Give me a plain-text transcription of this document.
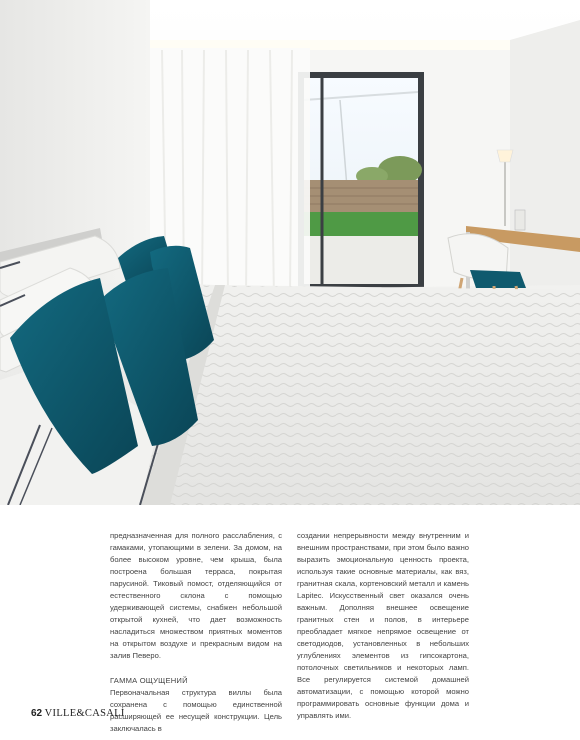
предназначенная для полного расслабления, с гамаками, утопающими в зелени. За домом, на более высоком уровне, чем крыша, была построена большая терраса, покрытая парусиной. Тиковый помост, отделяющийся от естественного склона с помощью удерживающей системы, снабжен небольшой открытой кухней, что дает возможность насладиться множеством приятных моментов на открытом воздухе и прекрасным видом на залив Певеро.

ГАММА ОЩУЩЕНИЙ

Первоначальная структура виллы была сохранена с помощью единственной расширяющей ее несущей конструкции. Цель заключалась в

создании непрерывности между внутренним и внешним пространствами, при этом было важно выразить эмоциональную ценность проекта, используя такие основные материалы, как вяз, гранитная скала, кортеновский металл и камень Lapitec. Искусственный свет оказался очень важным. Дополняя внешнее освещение гранитных стен и полов, в интерьере преобладает мягкое непрямое освещение от светодиодов, установленных в небольших углублениях элементов из гипсокартона, потолочных светильников и некоторых ламп. Все регулируется системой домашней автоматизации, с помощью которой можно программировать основные функции дома и управлять ими.

62 VILLE&CASALI
